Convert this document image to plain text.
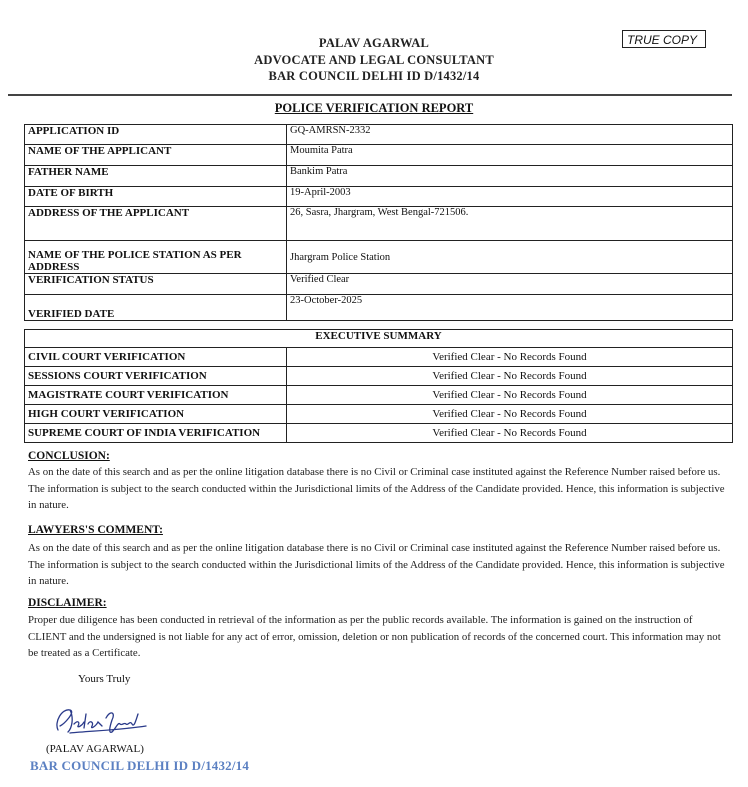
PALAV AGARWAL
ADVOCATE AND LEGAL CONSULTANT
BAR COUNCIL DELHI ID D/1432/14
TRUE COPY
POLICE VERIFICATION REPORT
APPLICATION ID	GQ-AMRSN-2332
NAME OF THE APPLICANT	Moumita Patra
FATHER NAME	Bankim Patra
DATE OF BIRTH	19-April-2003
ADDRESS OF THE APPLICANT	26, Sasra, Jhargram, West Bengal-721506.
NAME OF THE POLICE STATION AS PER ADDRESS	Jhargram Police Station
VERIFICATION STATUS	Verified Clear
VERIFIED DATE	23-October-2025
EXECUTIVE SUMMARY	
CIVIL COURT VERIFICATION	Verified Clear - No Records Found
SESSIONS COURT VERIFICATION	Verified Clear - No Records Found
MAGISTRATE COURT VERIFICATION	Verified Clear - No Records Found
HIGH COURT VERIFICATION	Verified Clear - No Records Found
SUPREME COURT OF INDIA VERIFICATION	Verified Clear - No Records Found
CONCLUSION:
As on the date of this search and as per the online litigation database there is no Civil or Criminal case instituted against the Reference Number raised before us. The information is subject to the search conducted within the Jurisdictional limits of the Address of the Candidate provided. Hence, this information is subjective in nature.
LAWYERS'S COMMENT:
As on the date of this search and as per the online litigation database there is no Civil or Criminal case instituted against the Reference Number raised before us. The information is subject to the search conducted within the Jurisdictional limits of the Address of the Candidate provided. Hence, this information is subjective in nature.
DISCLAIMER:
Proper due diligence has been conducted in retrieval of the information as per the public records available. The information is gained on the instruction of CLIENT and the undersigned is not liable for any act of error, omission, deletion or non publication of records of the concerned court. This information may not be treated as a Certificate.
Yours Truly
(PALAV AGARWAL)
BAR COUNCIL DELHI ID D/1432/14
